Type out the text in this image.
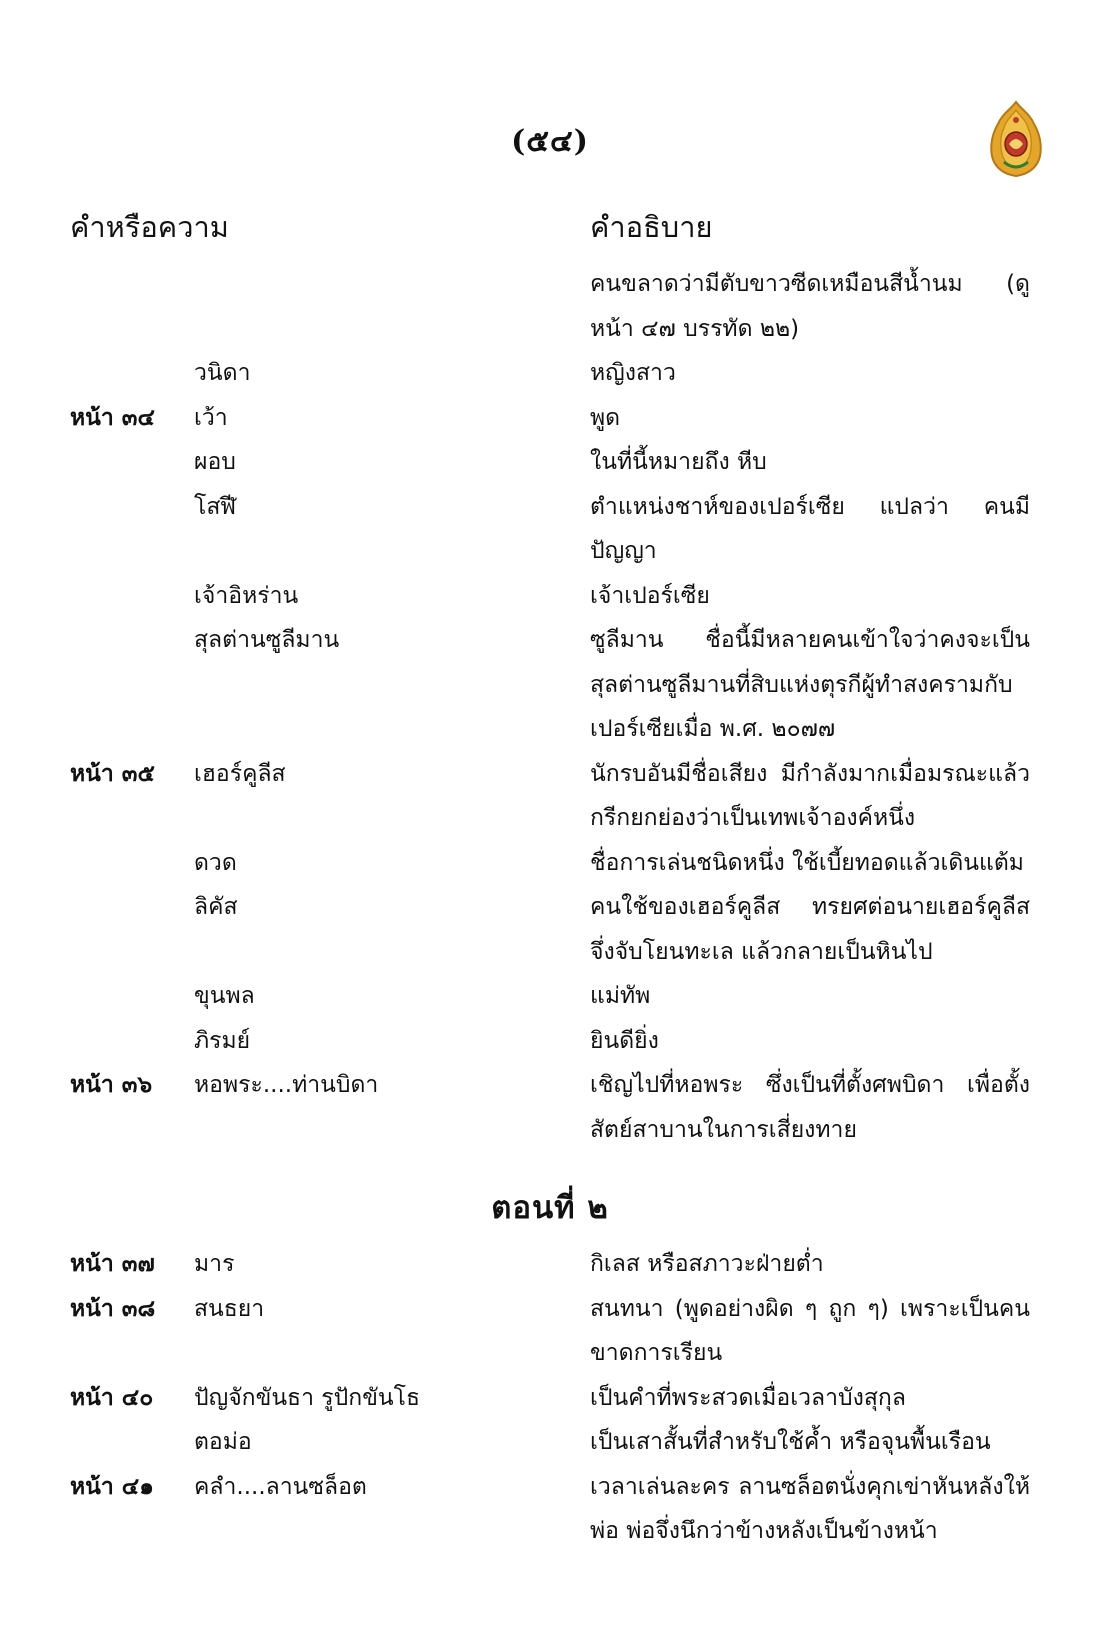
(๕๔)
คำหรือความ	คำอธิบาย
คนขลาดว่ามีตับขาวซีดเหมือนสีน้ำนม (ดู หน้า ๔๗ บรรทัด ๒๒)
วนิดา	หญิงสาว
หน้า ๓๔ เว้า	พูด
ผอบ	ในที่นี้หมายถึง หีบ
โสฬี	ตำแหน่งชาห์ของเปอร์เซีย แปลว่า คนมีปัญญา
เจ้าอิหร่าน	เจ้าเปอร์เซีย
สุลต่านซูลีมาน	ซูลีมาน ชื่อนี้มีหลายคนเข้าใจว่าคงจะเป็นสุลต่านซูลีมานที่สิบแห่งตุรกีผู้ทำสงครามกับเปอร์เซียเมื่อ พ.ศ. ๒๐๗๗
หน้า ๓๕ เฮอร์คูลีส	นักรบอันมีชื่อเสียง มีกำลังมากเมื่อมรณะแล้ว กรีกยกย่องว่าเป็นเทพเจ้าองค์หนึ่ง
ดวด	ชื่อการเล่นชนิดหนึ่ง ใช้เบี้ยทอดแล้วเดินแต้ม
ลิคัส	คนใช้ของเฮอร์คูลีส ทรยศต่อนายเฮอร์คูลีสจึ่งจับโยนทะเล แล้วกลายเป็นหินไป
ขุนพล	แม่ทัพ
ภิรมย์	ยินดียิ่ง
หน้า ๓๖ หอพระ....ท่านบิดา	เชิญไปที่หอพระ ซึ่งเป็นที่ตั้งศพบิดา เพื่อตั้งสัตย์สาบานในการเสี่ยงทาย
ตอนที่ ๒
หน้า ๓๗ มาร	กิเลส หรือสภาวะฝ่ายต่ำ
หน้า ๓๘ สนธยา	สนทนา (พูดอย่างผิด ๆ ถูก ๆ) เพราะเป็นคนขาดการเรียน
หน้า ๔๐ ปัญจักขันธา รูปักขันโธ	เป็นคำที่พระสวดเมื่อเวลาบังสุกุล
ตอม่อ	เป็นเสาสั้นที่สำหรับใช้ค้ำ หรือจุนพื้นเรือน
หน้า ๔๑ คลำ....ลานซล็อต	เวลาเล่นละคร ลานซล็อตนั่งคุกเข่าหันหลังให้พ่อ พ่อจึ่งนึกว่าข้างหลังเป็นข้างหน้า
